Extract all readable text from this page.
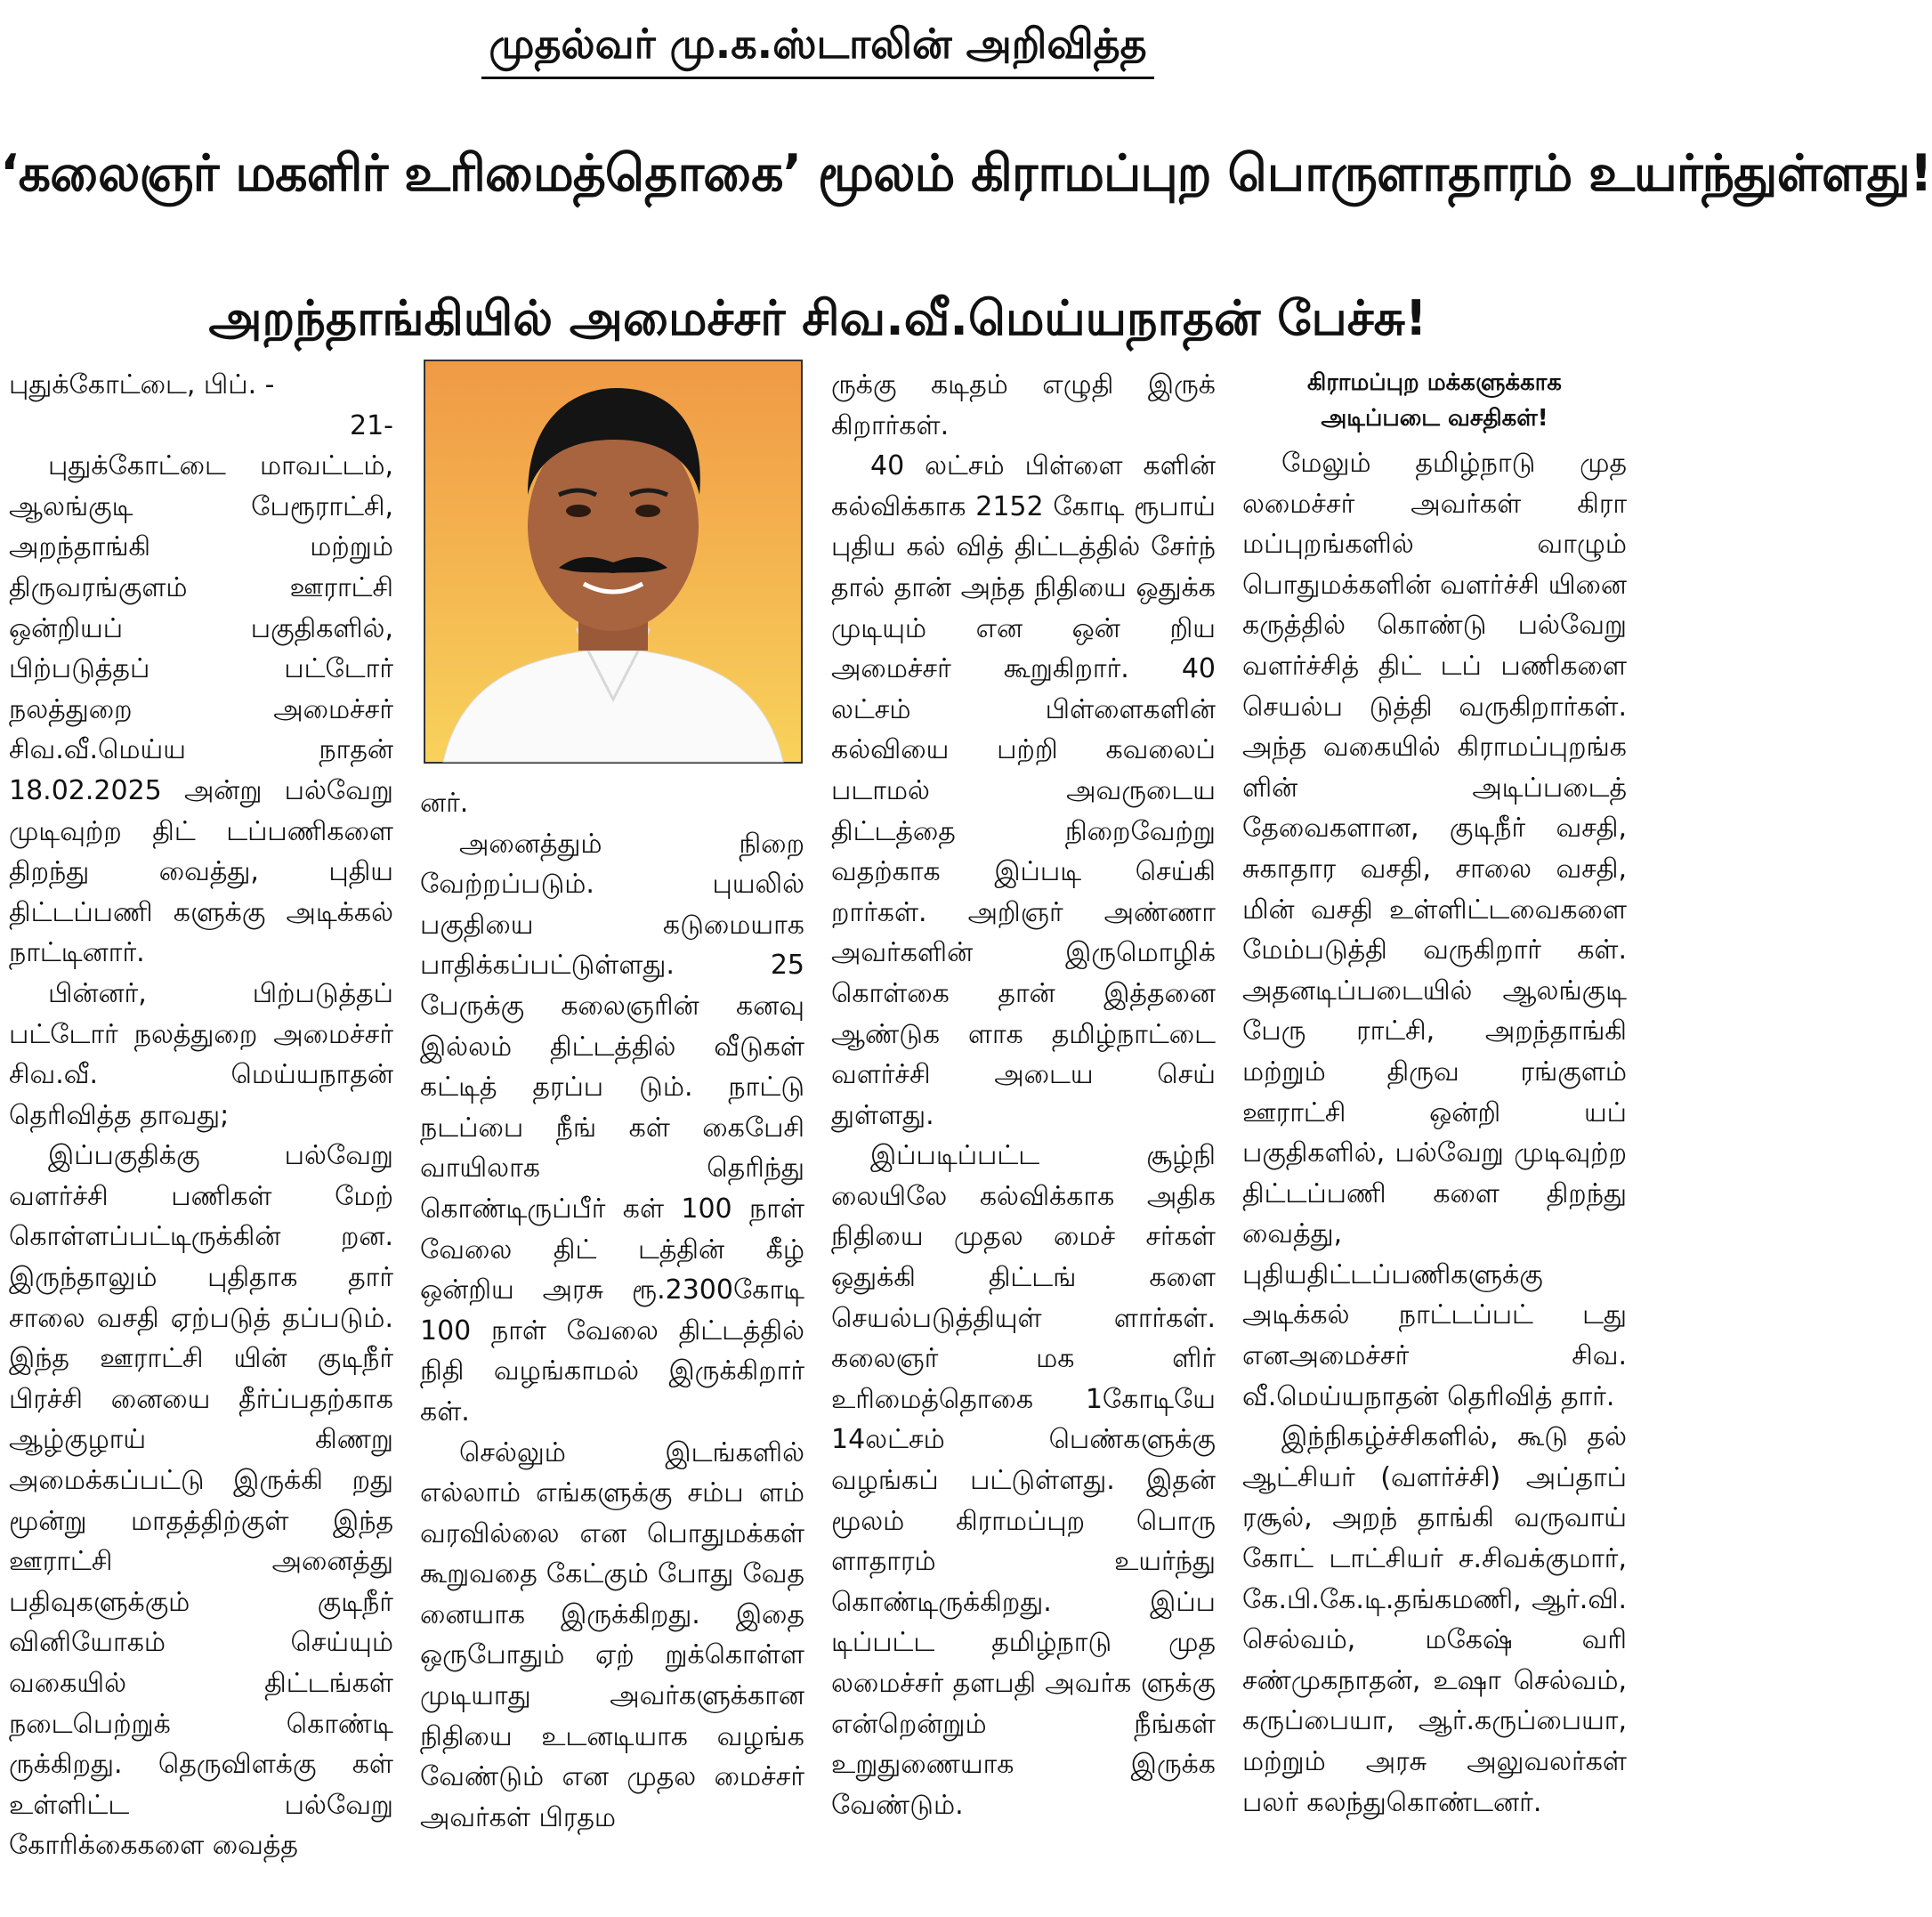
முதல்வர் மு.க.ஸ்டாலின் அறிவித்த
‘கலைஞர் மகளிர் உரிமைத்தொகை’ மூலம் கிராமப்புற பொருளாதாரம் உயர்ந்துள்ளது!
அறந்தாங்கியில் அமைச்சர் சிவ.வீ.மெய்யநாதன் பேச்சு!

புதுக்கோட்டை, பிப். -

21-

புதுக்கோட்டை மாவட்டம், ஆலங்குடி பேரூராட்சி, அறந்தாங்கி மற்றும் திருவரங்குளம் ஊராட்சி ஒன்றியப் பகுதிகளில், பிற்படுத்தப் பட்டோர் நலத்துறை அமைச்சர் சிவ.வீ.மெய்ய நாதன் 18.02.2025 அன்று பல்வேறு முடிவுற்ற திட் டப்பணிகளை திறந்து வைத்து, புதிய திட்டப்பணி களுக்கு அடிக்கல் நாட்டினார்.

பின்னர், பிற்படுத்தப் பட்டோர் நலத்துறை அமைச்சர் சிவ.வீ. மெய்யநாதன் தெரிவித்த தாவது;

இப்பகுதிக்கு பல்வேறு வளர்ச்சி பணிகள் மேற் கொள்ளப்பட்டிருக்கின் றன. இருந்தாலும் புதிதாக தார் சாலை வசதி ஏற்படுத் தப்படும். இந்த ஊராட்சி யின் குடிநீர் பிரச்சி னையை தீர்ப்பதற்காக ஆழ்குழாய் கிணறு அமைக்கப்பட்டு இருக்கி றது மூன்று மாதத்திற்குள் இந்த ஊராட்சி அனைத்து பதிவுகளுக்கும் குடிநீர் வினியோகம் செய்யும் வகையில் திட்டங்கள் நடைபெற்றுக் கொண்டி ருக்கிறது. தெருவிளக்கு கள் உள்ளிட்ட பல்வேறு கோரிக்கைகளை வைத்த

னர்.

அனைத்தும் நிறை வேற்றப்படும். புயலில் பகுதியை கடுமையாக பாதிக்கப்பட்டுள்ளது. 25 பேருக்கு கலைஞரின் கனவு இல்லம் திட்டத்தில் வீடுகள் கட்டித் தரப்ப டும். நாட்டு நடப்பை நீங் கள் கைபேசி வாயிலாக தெரிந்து கொண்டிருப்பீர் கள் 100 நாள் வேலை திட் டத்தின் கீழ் ஒன்றிய அரசு ரூ.2300கோடி 100 நாள் வேலை திட்டத்தில் நிதி வழங்காமல் இருக்கிறார் கள்.

செல்லும் இடங்களில் எல்லாம் எங்களுக்கு சம்ப ளம் வரவில்லை என பொதுமக்கள் கூறுவதை கேட்கும் போது வேத னையாக இருக்கிறது. இதை ஒருபோதும் ஏற் றுக்கொள்ள முடியாது அவர்களுக்கான நிதியை உடனடியாக வழங்க வேண்டும் என முதல மைச்சர் அவர்கள் பிரதம

ருக்கு கடிதம் எழுதி இருக் கிறார்கள்.

40 லட்சம் பிள்ளை களின் கல்விக்காக 2152 கோடி ரூபாய் புதிய கல் வித் திட்டத்தில் சேர்ந் தால் தான் அந்த நிதியை ஒதுக்க முடியும் என ஒன் றிய அமைச்சர் கூறுகிறார். 40 லட்சம் பிள்ளைகளின் கல்வியை பற்றி கவலைப் படாமல் அவருடைய திட்டத்தை நிறைவேற்று வதற்காக இப்படி செய்கி றார்கள். அறிஞர் அண்ணா அவர்களின் இருமொழிக் கொள்கை தான் இத்தனை ஆண்டுக ளாக தமிழ்நாட்டை வளர்ச்சி அடைய செய் துள்ளது.

இப்படிப்பட்ட சூழ்நி லையிலே கல்விக்காக அதிக நிதியை முதல மைச் சர்கள் ஒதுக்கி திட்டங் களை செயல்படுத்தியுள் ளார்கள். கலைஞர் மக ளிர் உரிமைத்தொகை 1கோடியே 14லட்சம் பெண்களுக்கு வழங்கப் பட்டுள்ளது. இதன் மூலம் கிராமப்புற பொரு ளாதாரம் உயர்ந்து கொண்டிருக்கிறது. இப்ப டிப்பட்ட தமிழ்நாடு முத லமைச்சர் தளபதி அவர்க ளுக்கு என்றென்றும் நீங்கள் உறுதுணையாக இருக்க வேண்டும்.

கிராமப்புற மக்களுக்காக
அடிப்படை வசதிகள்!

மேலும் தமிழ்நாடு முத லமைச்சர் அவர்கள் கிரா மப்புறங்களில் வாழும் பொதுமக்களின் வளர்ச்சி யினை கருத்தில் கொண்டு பல்வேறு வளர்ச்சித் திட் டப் பணிகளை செயல்ப டுத்தி வருகிறார்கள். அந்த வகையில் கிராமப்புறங்க ளின் அடிப்படைத் தேவைகளான, குடிநீர் வசதி, சுகாதார வசதி, சாலை வசதி, மின் வசதி உள்ளிட்டவைகளை மேம்படுத்தி வருகிறார் கள். அதனடிப்படையில் ஆலங்குடி பேரு ராட்சி, அறந்தாங்கி மற்றும் திருவ ரங்குளம் ஊராட்சி ஒன்றி யப் பகுதிகளில், பல்வேறு முடிவுற்ற திட்டப்பணி களை திறந்து வைத்து, புதியதிட்டப்பணிகளுக்கு அடிக்கல் நாட்டப்பட் டது எனஅமைச்சர் சிவ. வீ.மெய்யநாதன் தெரிவித் தார்.

இந்நிகழ்ச்சிகளில், கூடு தல் ஆட்சியர் (வளர்ச்சி) அப்தாப் ரசூல், அறந் தாங்கி வருவாய் கோட் டாட்சியர் ச.சிவக்குமார், கே.பி.கே.டி.தங்கமணி, ஆர்.வி. செல்வம், மகேஷ் வரி சண்முகநாதன், உஷா செல்வம், கருப்பையா, ஆர்.கருப்பையா, மற்றும் அரசு அலுவலர்கள் பலர் கலந்துகொண்டனர்.
